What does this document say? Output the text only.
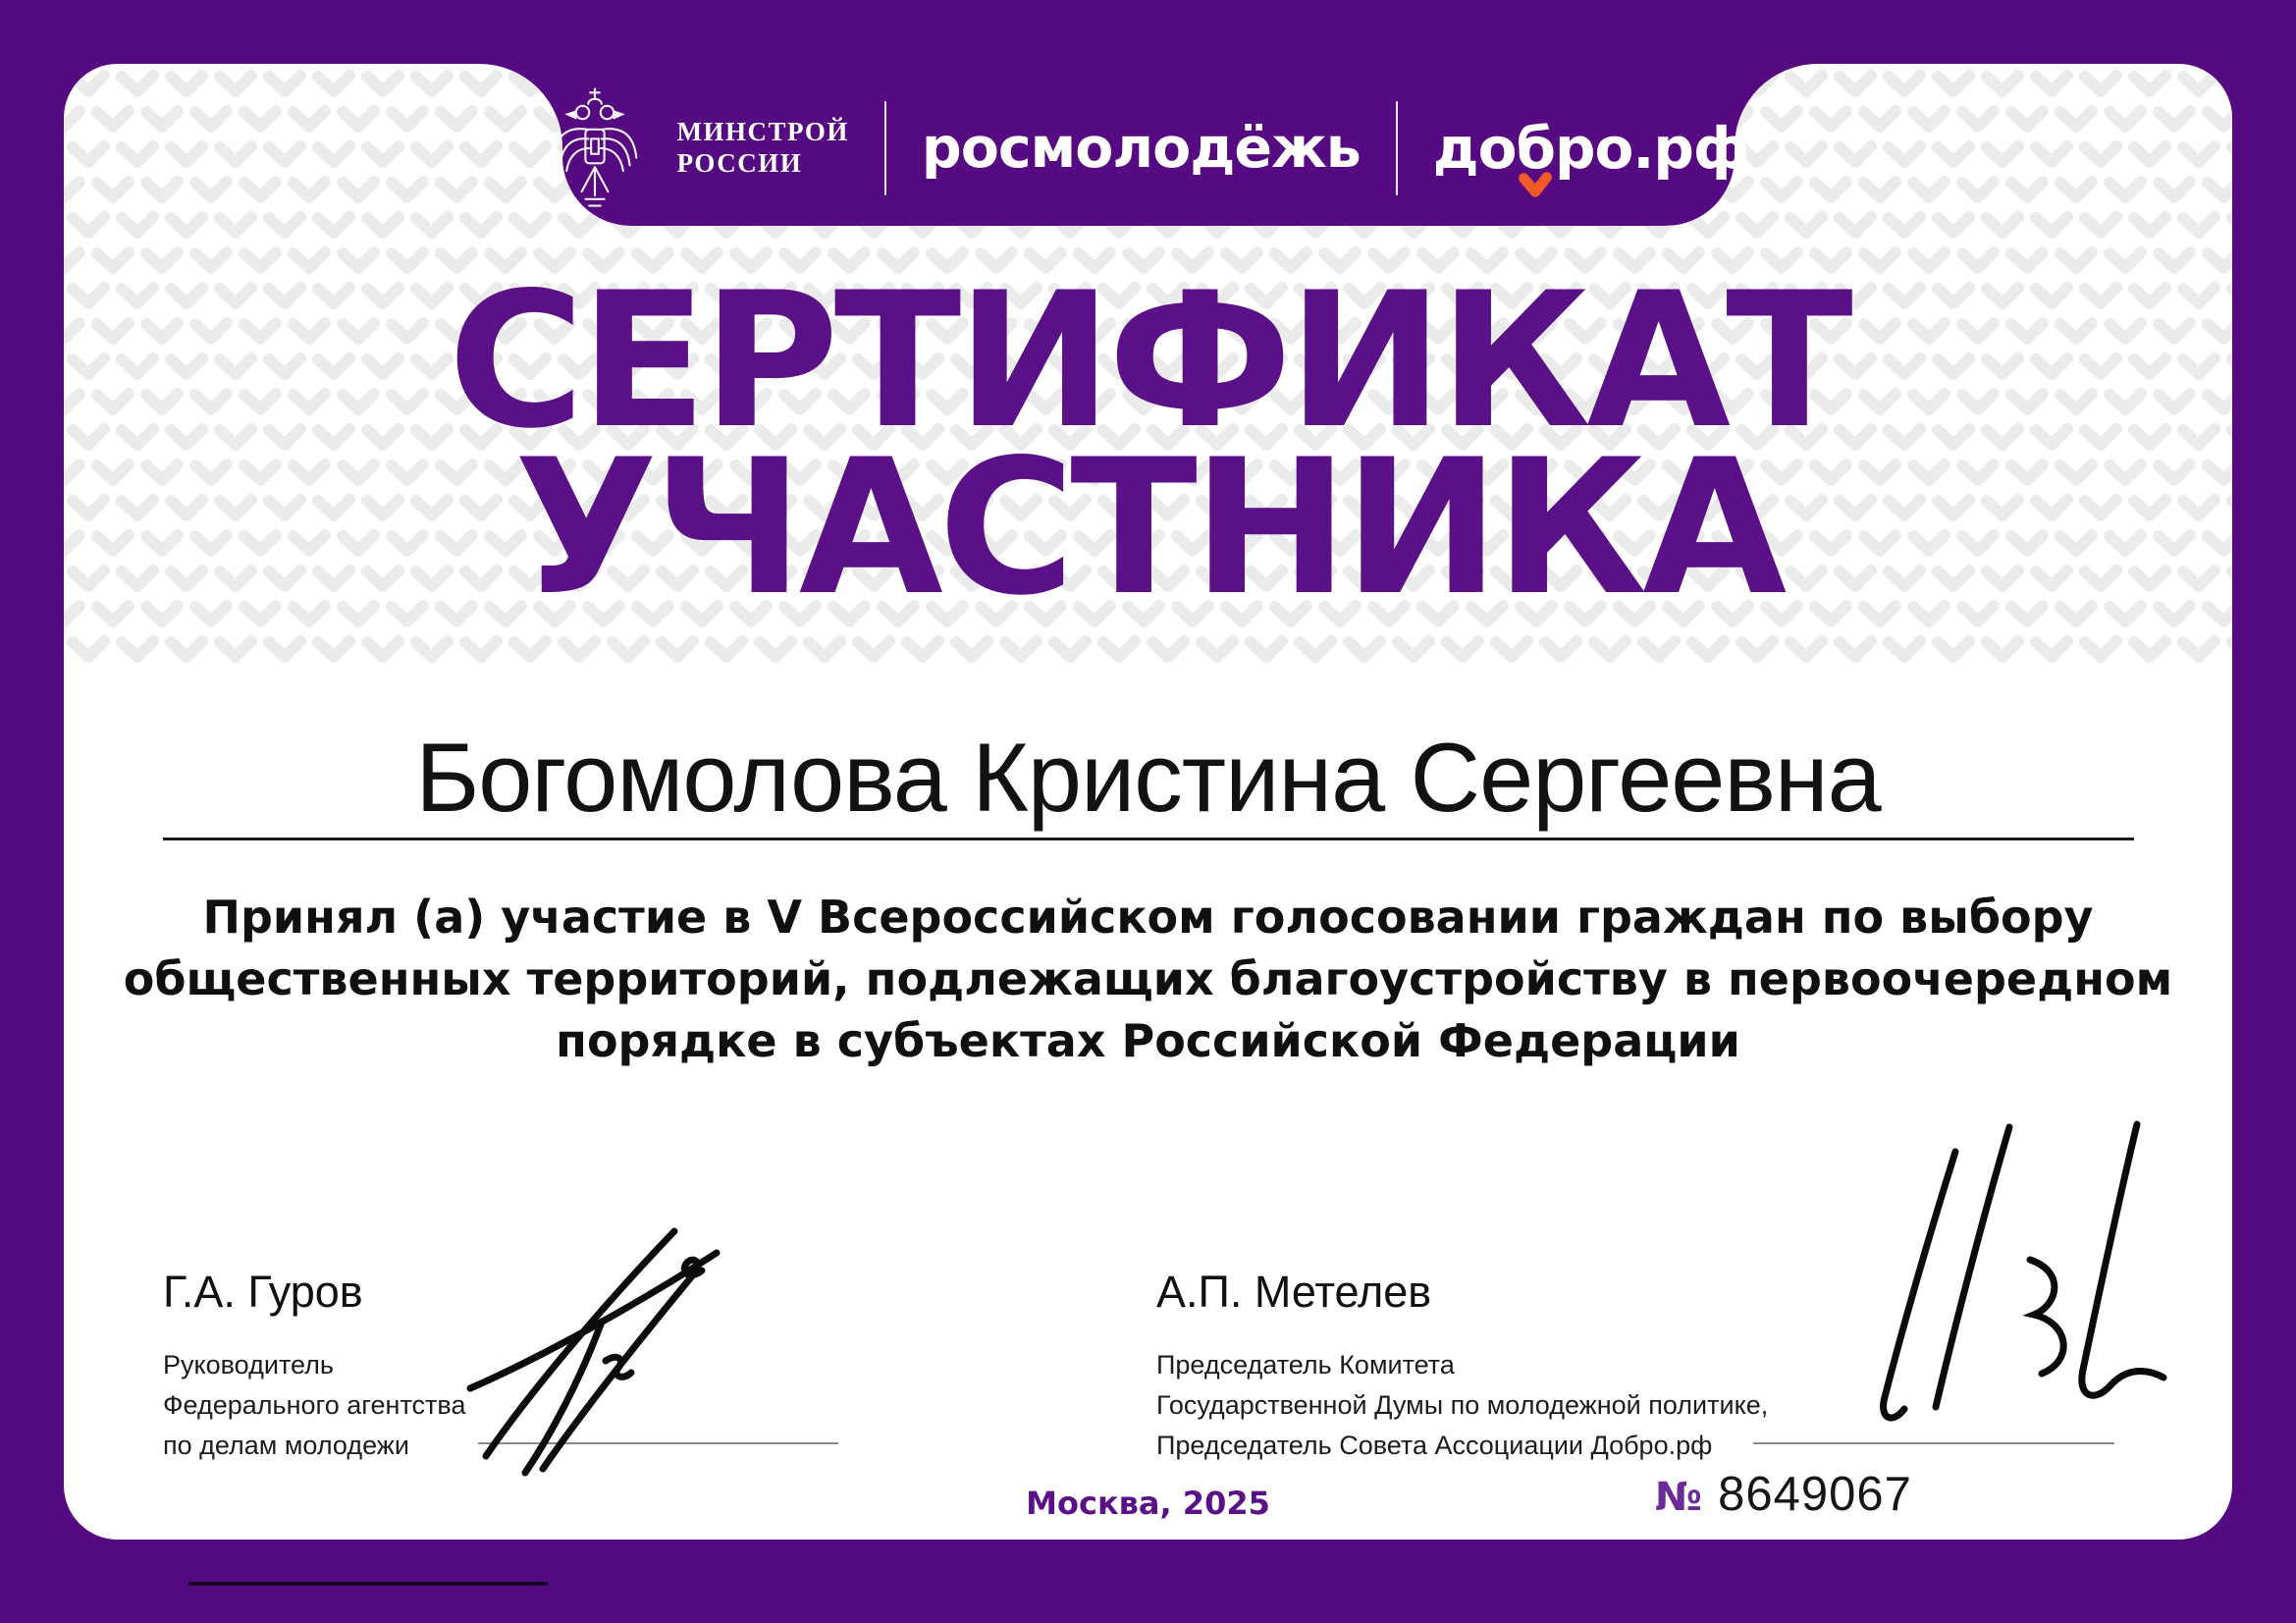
МИНСТРОЙ
РОССИИ	росмолодёжь добро.рф
СЕРТИФИКАТ
УЧАСТНИКА
Богомолова Кристина Сергеевна
Принял (а) участие в V Всероссийском голосовании граждан по выбору
общественных территорий, подлежащих благоустройству в первоочередном
порядке в субъектах Российской Федерации
Г.А. Гуров
Руководитель
Федерального агентства
по делам молодежи
А.П. Метелев
Председатель Комитета
Государственной Думы по молодежной политике,
Председатель Совета Ассоциации Добро.рф
Москва, 2025	№ 8649067
